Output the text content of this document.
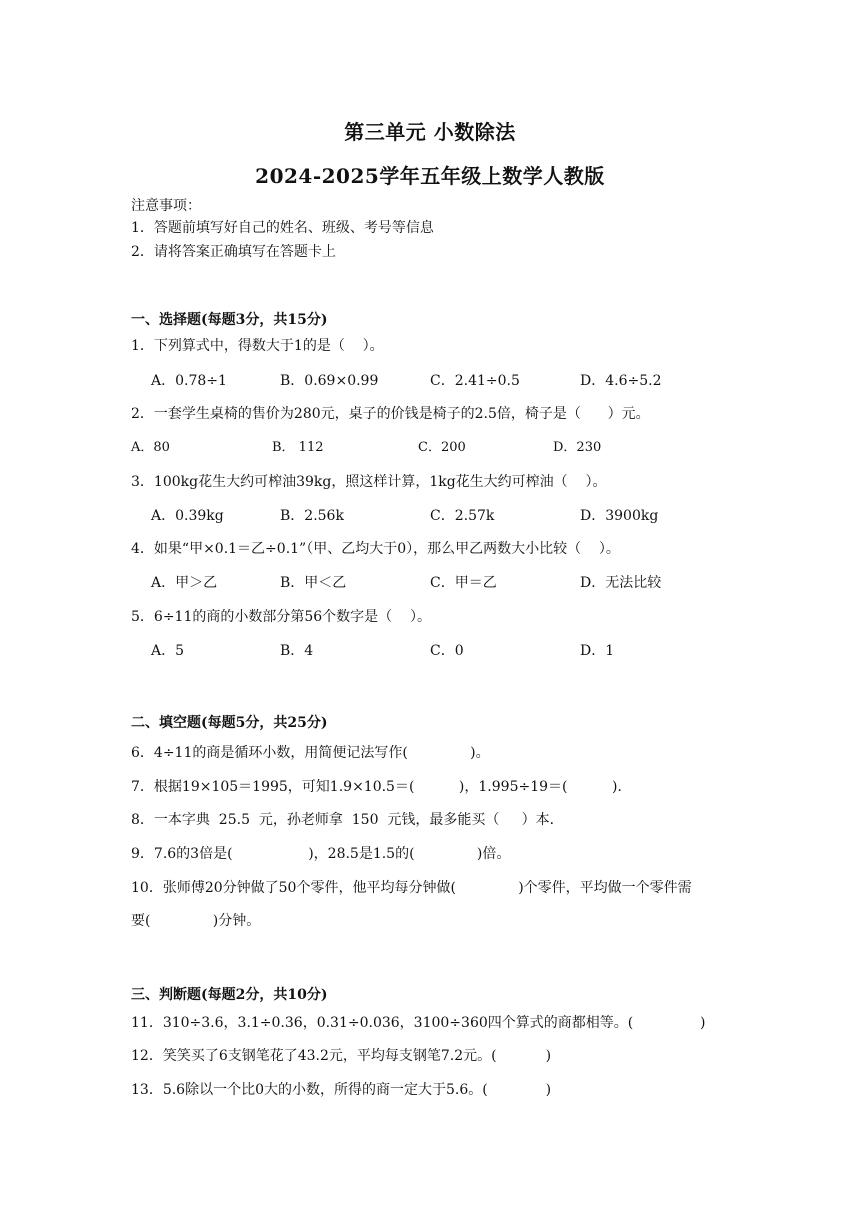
第三单元 小数除法
2024-2025学年五年级上数学人教版
注意事项：
1．答题前填写好自己的姓名、班级、考号等信息
2．请将答案正确填写在答题卡上
一、选择题(每题3分，共15分)
1．下列算式中，得数大于1的是（    ）。
A．0.78÷1	B．0.69×0.99	C．2.41÷0.5	D．4.6÷5.2
2．一套学生桌椅的售价为280元，桌子的价钱是椅子的2.5倍，椅子是（      ）元。
A．80	B． 112	C．200	D．230
3．100kg花生大约可榨油39kg，照这样计算，1kg花生大约可榨油（    ）。
A．0.39kg	B．2.56k	C．2.57k	D．3900kg
4．如果“甲×0.1＝乙÷0.1”（甲、乙均大于0），那么甲乙两数大小比较（    ）。
A．甲＞乙	B．甲＜乙	C．甲＝乙	D．无法比较
5．6÷11的商的小数部分第56个数字是（    ）。
A．5	B．4	C．0	D．1
二、填空题(每题5分，共25分)
6．4÷11的商是循环小数，用简便记法写作(              )。
7．根据19×105＝1995，可知1.9×10.5＝(          )，1.995÷19＝(          )．
8．一本字典  25.5  元，孙老师拿  150  元钱，最多能买（     ）本．
9．7.6的3倍是(                 )，28.5是1.5的(              )倍。
10．张师傅20分钟做了50个零件，他平均每分钟做(              )个零件，平均做一个零件需
要(              )分钟。
三、判断题(每题2分，共10分)
11．310÷3.6，3.1÷0.36，0.31÷0.036，3100÷360四个算式的商都相等。(               )
12．笑笑买了6支钢笔花了43.2元，平均每支钢笔7.2元。(           )
13．5.6除以一个比0大的小数，所得的商一定大于5.6。(             )
